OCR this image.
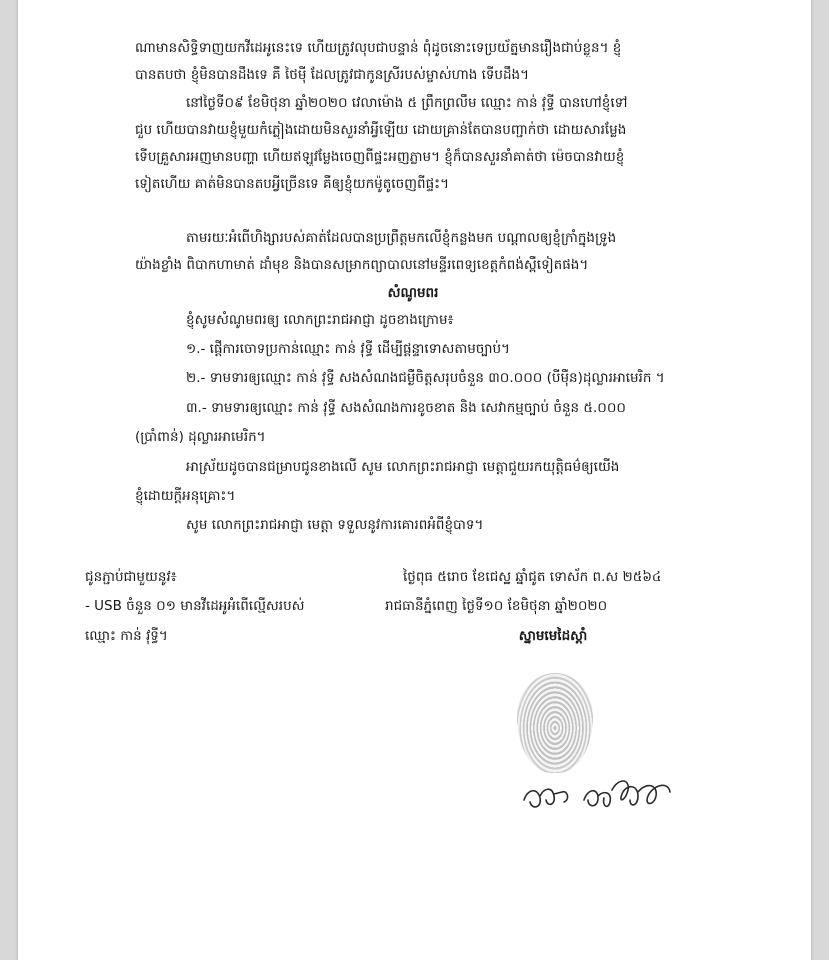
ណាមានសិទ្ធិទាញយកវីដេអូនេះទេ ហើយត្រូវលុបជាបន្ទាន់ ពុំដូចនោះទេប្រយ័ត្នមានរឿងជាប់ខ្លួន។ ខ្ញុំ
បានតបថា ខ្ញុំមិនបានដឹងទេ គឺ ថៃម៉ី ដែលត្រូវជាកូនស្រីរបស់ម្ចាស់ហាង ទើបដឹង។
នៅថ្ងៃទី០៩ ខែមិថុនា ឆ្នាំ២០២០ វេលាម៉ោង ៥ ព្រឹកព្រលឹម ឈ្មោះ កាន់ វុទ្ធី បានហៅខ្ញុំទៅ
ជួប ហើយបានវាយខ្ញុំមួយកំភ្លៀងដោយមិនសួរនាំអ្វីឡើយ ដោយគ្រាន់តែបានបញ្ជាក់ថា ដោយសារម្លែង
ទើបគ្រួសារអញមានបញ្ហា ហើយឥឡូវម្លែងចេញពីផ្ទះអញភ្លាម។ ខ្ញុំក៏បានសួរនាំគាត់ថា ម៉េចបានវាយខ្ញុំ
ទៀតហើយ គាត់មិនបានតបអ្វីច្រើនទេ គឺឲ្យខ្ញុំយកម៉ូតូចេញពីផ្ទះ។
តាមរយៈអំពើហិង្សារបស់គាត់ដែលបានប្រព្រឹត្តមកលើខ្ញុំកន្លងមក បណ្តាលឲ្យខ្ញុំក្រាំក្នុងទ្រូង
យ៉ាងខ្លាំង ពិបាកហាមាត់ ដាំមុខ និងបានសម្រាកព្យាបាលនៅមន្ទីរពេទ្យខេត្តកំពង់ស្ពឺទៀតផង។
សំណូមពរ
ខ្ញុំសូមសំណូមពរឲ្យ លោកព្រះរាជអាជ្ញា ដូចខាងក្រោម៖
១.- ផ្តើការចោទប្រកាន់ឈ្មោះ កាន់ វុទ្ធី ដើម្បីផ្តន្ទាទោសតាមច្បាប់។
២.- ទាមទារឲ្យឈ្មោះ កាន់ វុទ្ធី សងសំណងជម្ងឺចិត្តសរុបចំនួន ៣០.០០០ (បីម៉ឺន)ដុល្លារអាមេរិក ។
៣.- ទាមទារឲ្យឈ្មោះ កាន់ វុទ្ធី សងសំណងការខូចខាត និង សេវាកម្មច្បាប់ ចំនួន ៥.០០០
(ប្រាំពាន់) ដុល្លារអាមេរិក។
អាស្រ័យដូចបានជម្រាបជូនខាងលើ សូម លោកព្រះរាជអាជ្ញា មេត្តាជួយរកយុត្តិធម៌ឲ្យយើង
ខ្ញុំដោយក្តីអនុគ្រោះ។
សូម លោកព្រះរាជអាជ្ញា មេត្តា ទទួលនូវការគោរពអំពីខ្ញុំបាទ។
ជូនភ្ជាប់ជាមួយនូវ៖
- USB ចំនួន ០១ មានវីដេអូអំពើល្មើសរបស់
ឈ្មោះ កាន់ វុទ្ធី។
ថ្ងៃពុធ ៥រោច ខែជេស្ឋ ឆ្នាំជូត ទោស័ក ព.ស ២៥៦៤
រាជធានីភ្នំពេញ ថ្ងៃទី១០ ខែមិថុនា ឆ្នាំ២០២០
ស្នាមមេដៃស្តាំ
